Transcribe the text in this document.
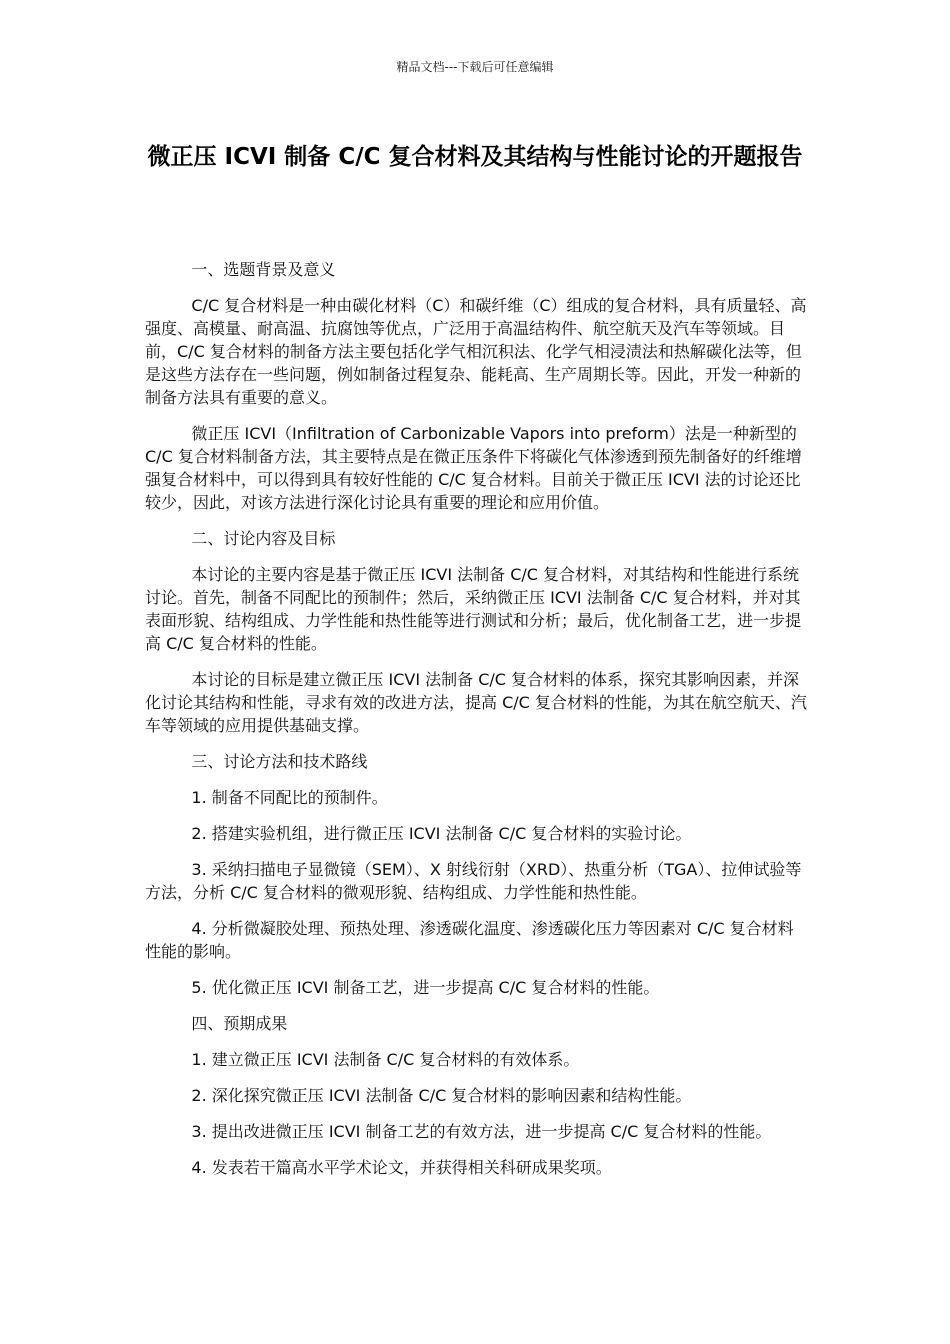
精品文档---下载后可任意编辑
微正压 ICVI 制备 C/C 复合材料及其结构与性能讨论的开题报告

一、选题背景及意义

C/C 复合材料是一种由碳化材料（C）和碳纤维（C）组成的复合材料，具有质量轻、高强度、高模量、耐高温、抗腐蚀等优点，广泛用于高温结构件、航空航天及汽车等领域。目前，C/C 复合材料的制备方法主要包括化学气相沉积法、化学气相浸渍法和热解碳化法等，但是这些方法存在一些问题，例如制备过程复杂、能耗高、生产周期长等。因此，开发一种新的制备方法具有重要的意义。

微正压 ICVI（Infiltration of Carbonizable Vapors into preform）法是一种新型的 C/C 复合材料制备方法，其主要特点是在微正压条件下将碳化气体渗透到预先制备好的纤维增强复合材料中，可以得到具有较好性能的 C/C 复合材料。目前关于微正压 ICVI 法的讨论还比较少，因此，对该方法进行深化讨论具有重要的理论和应用价值。

二、讨论内容及目标

本讨论的主要内容是基于微正压 ICVI 法制备 C/C 复合材料，对其结构和性能进行系统讨论。首先，制备不同配比的预制件；然后，采纳微正压 ICVI 法制备 C/C 复合材料，并对其表面形貌、结构组成、力学性能和热性能等进行测试和分析；最后，优化制备工艺，进一步提高 C/C 复合材料的性能。

本讨论的目标是建立微正压 ICVI 法制备 C/C 复合材料的体系，探究其影响因素，并深化讨论其结构和性能，寻求有效的改进方法，提高 C/C 复合材料的性能，为其在航空航天、汽车等领域的应用提供基础支撑。

三、讨论方法和技术路线

1. 制备不同配比的预制件。

2. 搭建实验机组，进行微正压 ICVI 法制备 C/C 复合材料的实验讨论。

3. 采纳扫描电子显微镜（SEM）、X 射线衍射（XRD）、热重分析（TGA）、拉伸试验等方法，分析 C/C 复合材料的微观形貌、结构组成、力学性能和热性能。

4. 分析微凝胶处理、预热处理、渗透碳化温度、渗透碳化压力等因素对 C/C 复合材料性能的影响。

5. 优化微正压 ICVI 制备工艺，进一步提高 C/C 复合材料的性能。

四、预期成果

1. 建立微正压 ICVI 法制备 C/C 复合材料的有效体系。

2. 深化探究微正压 ICVI 法制备 C/C 复合材料的影响因素和结构性能。

3. 提出改进微正压 ICVI 制备工艺的有效方法，进一步提高 C/C 复合材料的性能。

4. 发表若干篇高水平学术论文，并获得相关科研成果奖项。
